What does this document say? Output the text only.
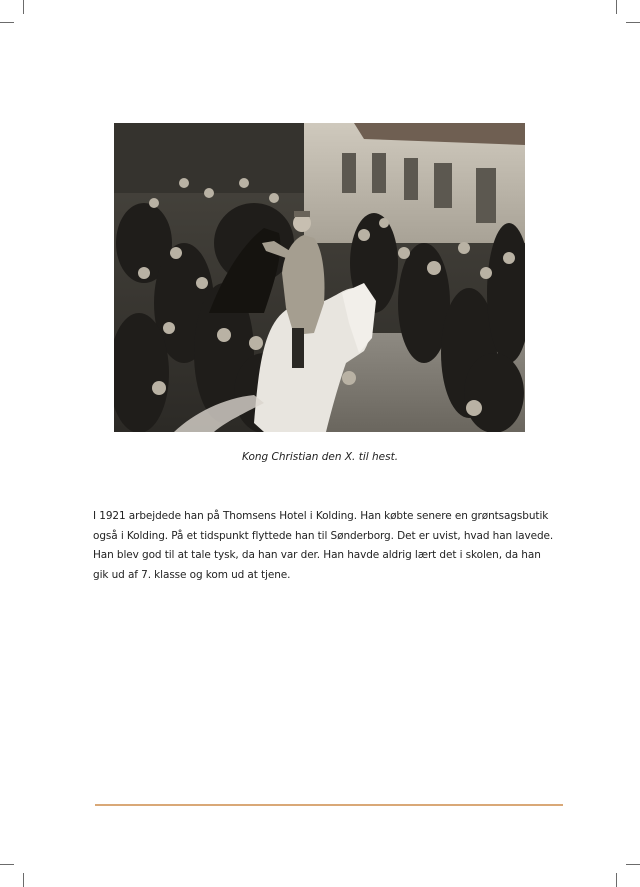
Kong Christian den X. til hest.
I 1921 arbejdede han på Thomsens Hotel i Kolding. Han købte senere en grøntsagsbutik
også i Kolding. På et tidspunkt flyttede han til Sønderborg. Det er uvist, hvad han lavede.
Han blev god til at tale tysk, da han var der. Han havde aldrig lært det i skolen, da han
gik ud af 7. klasse og kom ud at tjene.
